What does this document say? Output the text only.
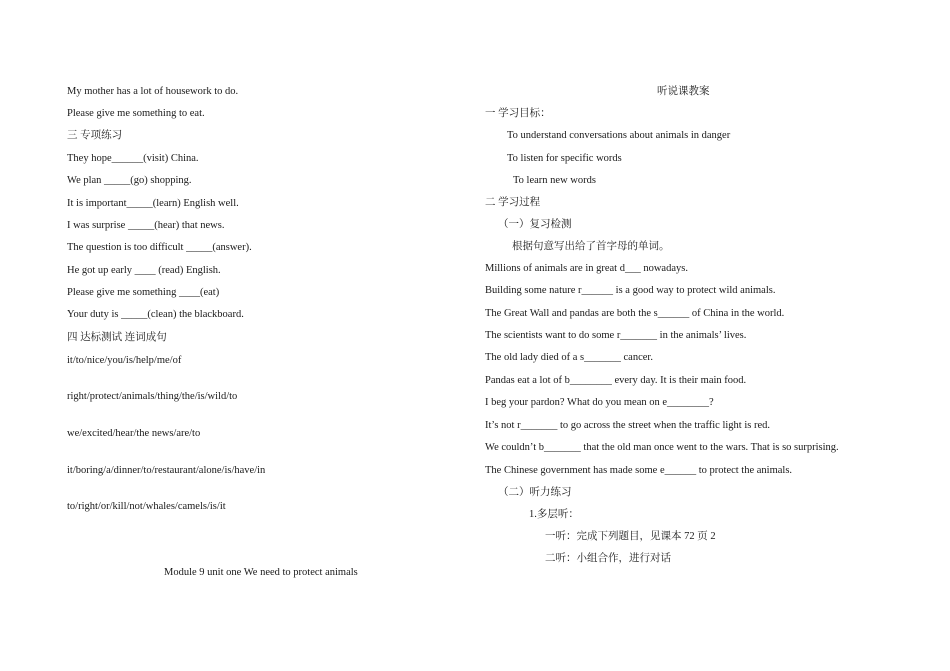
My mother has a lot of housework to do.
Please give me something to eat.
三 专项练习
They hope______(visit) China.
We plan _____(go) shopping.
It is important_____(learn) English well.
I was surprise _____(hear) that news.
The question is too difficult _____(answer).
He got up early ____ (read) English.
Please give me something ____(eat)
Your duty is _____(clean) the blackboard.
四 达标测试 连词成句
it/to/nice/you/is/help/me/of
right/protect/animals/thing/the/is/wild/to
we/excited/hear/the news/are/to
it/boring/a/dinner/to/restaurant/alone/is/have/in
to/right/or/kill/not/whales/camels/is/it
Module 9 unit one We need to protect animals
听说课教案
一 学习目标：
To understand conversations about animals in danger
To listen for specific words
To learn new words
二 学习过程
（一）复习检测
根据句意写出给了首字母的单词。
Millions of animals are in great d___ nowadays.
Building some nature r______ is a good way to protect wild animals.
The Great Wall and pandas are both the s______ of China in the world.
The scientists want to do some r_______ in the animals’ lives.
The old lady died of a s_______ cancer.
Pandas eat a lot of b________ every day. It is their main food.
I beg your pardon? What do you mean on e________?
It’s not r_______ to go across the street when the traffic light is red.
We couldn’t b_______ that the old man once went to the wars. That is so surprising.
The Chinese government has made some e______ to protect the animals.
（二）听力练习
1.多层听：
一听：完成下列题目，见课本 72 页 2
二听：小组合作，进行对话
